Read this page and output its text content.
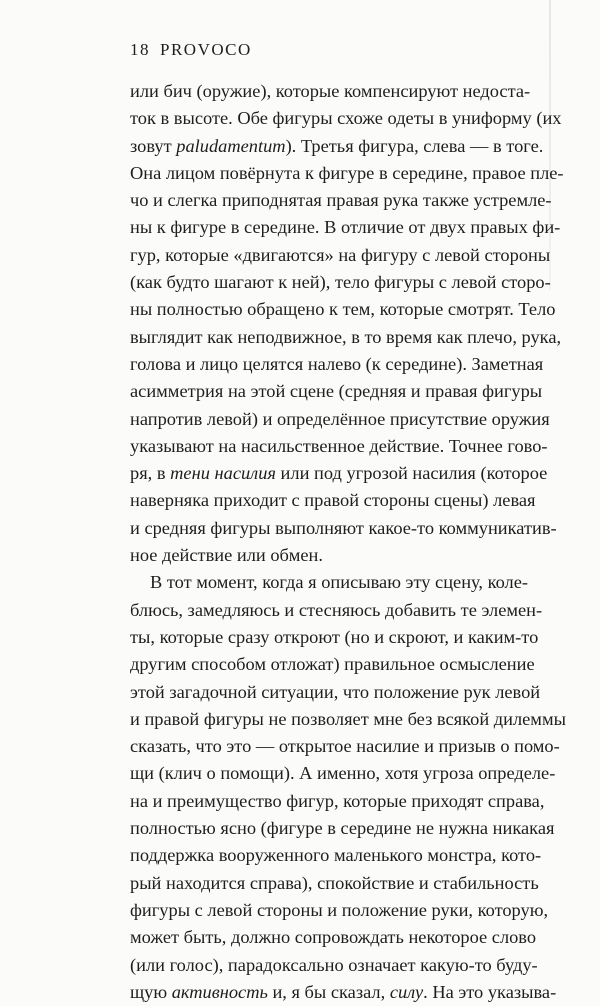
18 PROVOCO
или бич (оружие), которые компенсируют недоста-
ток в высоте. Обе фигуры схоже одеты в униформу (их
зовут paludamentum). Третья фигура, слева — в тоге.
Она лицом повёрнута к фигуре в середине, правое пле-
чо и слегка приподнятая правая рука также устремле-
ны к фигуре в середине. В отличие от двух правых фи-
гур, которые «двигаются» на фигуру с левой стороны
(как будто шагают к ней), тело фигуры с левой сторо-
ны полностью обращено к тем, которые смотрят. Тело
выглядит как неподвижное, в то время как плечо, рука,
голова и лицо целятся налево (к середине). Заметная
асимметрия на этой сцене (средняя и правая фигуры
напротив левой) и определённое присутствие оружия
указывают на насильственное действие. Точнее гово-
ря, в тени насилия или под угрозой насилия (которое
наверняка приходит с правой стороны сцены) левая
и средняя фигуры выполняют какое-то коммуникатив-
ное действие или обмен.
В тот момент, когда я описываю эту сцену, коле-
блюсь, замедляюсь и стесняюсь добавить те элемен-
ты, которые сразу откроют (но и скроют, и каким-то
другим способом отложат) правильное осмысление
этой загадочной ситуации, что положение рук левой
и правой фигуры не позволяет мне без всякой дилеммы
сказать, что это — открытое насилие и призыв о помо-
щи (клич о помощи). А именно, хотя угроза определе-
на и преимущество фигур, которые приходят справа,
полностью ясно (фигуре в середине не нужна никакая
поддержка вооруженного маленького монстра, кото-
рый находится справа), спокойствие и стабильность
фигуры с левой стороны и положение руки, которую,
может быть, должно сопровождать некоторое слово
(или голос), парадоксально означает какую-то буду-
щую активность и, я бы сказал, силу. На это указыва-
